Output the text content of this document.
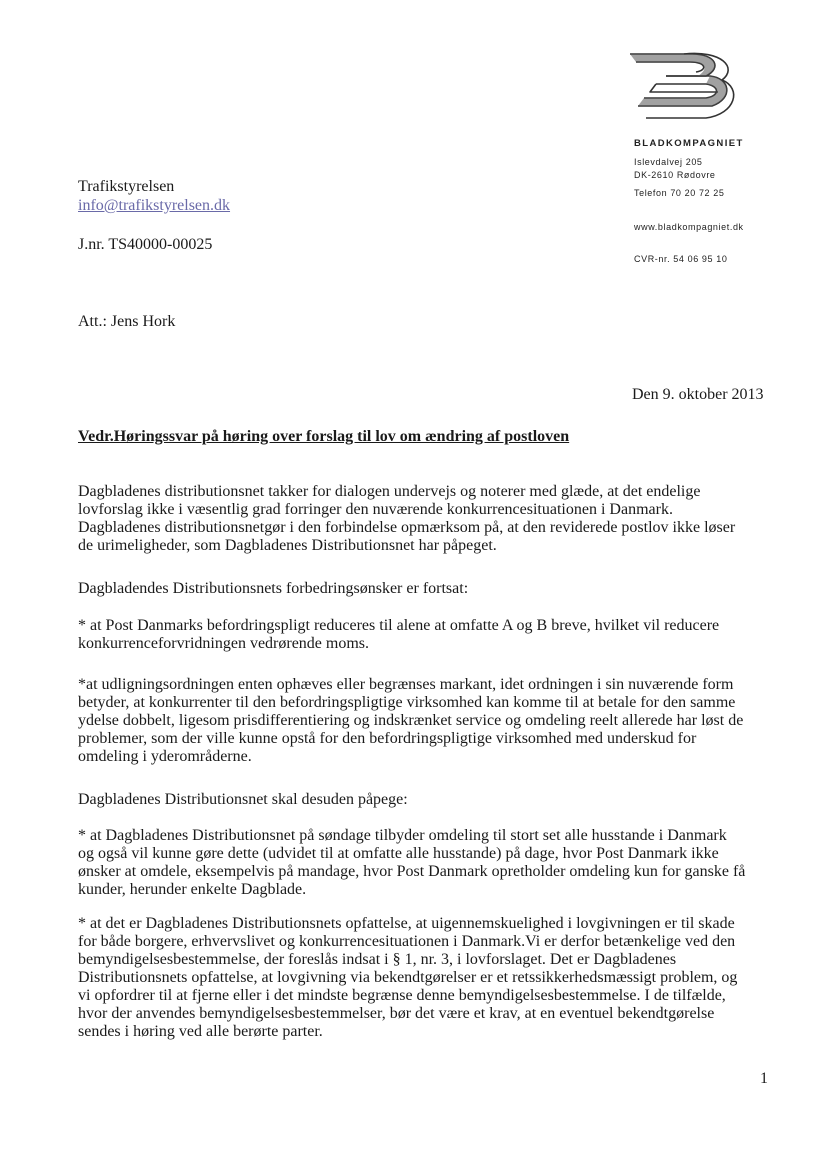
BLADKOMPAGNIET
Islevdalvej 205
DK-2610 Rødovre
Telefon 70 20 72 25
www.bladkompagniet.dk
CVR-nr. 54 06 95 10
Trafikstyrelsen
info@trafikstyrelsen.dk
J.nr. TS40000-00025
Att.: Jens Hork
Den 9. oktober 2013
Vedr.Høringssvar på høring over forslag til lov om ændring af postloven
Dagbladenes distributionsnet takker for dialogen undervejs og noterer med glæde, at det endelige
lovforslag ikke i væsentlig grad forringer den nuværende konkurrencesituationen i Danmark.
Dagbladenes distributionsnetgør i den forbindelse opmærksom på, at den reviderede postlov ikke løser
de urimeligheder, som Dagbladenes Distributionsnet har påpeget.
Dagbladendes Distributionsnets forbedringsønsker er fortsat:
* at Post Danmarks befordringspligt reduceres til alene at omfatte A og B breve, hvilket vil reducere
konkurrenceforvridningen vedrørende moms.
*at udligningsordningen enten ophæves eller begrænses markant, idet ordningen i sin nuværende form
betyder, at konkurrenter til den befordringspligtige virksomhed kan komme til at betale for den samme
ydelse dobbelt, ligesom prisdifferentiering og indskrænket service og omdeling reelt allerede har løst de
problemer, som der ville kunne opstå for den befordringspligtige virksomhed med underskud for
omdeling i yderområderne.
Dagbladenes Distributionsnet skal desuden påpege:
* at Dagbladenes Distributionsnet på søndage tilbyder omdeling til stort set alle husstande i Danmark
og også vil kunne gøre dette (udvidet til at omfatte alle husstande) på dage, hvor Post Danmark ikke
ønsker at omdele, eksempelvis på mandage, hvor Post Danmark opretholder omdeling kun for ganske få
kunder, herunder enkelte Dagblade.
* at det er Dagbladenes Distributionsnets opfattelse, at uigennemskuelighed i lovgivningen er til skade
for både borgere, erhvervslivet og konkurrencesituationen i Danmark.Vi er derfor betænkelige ved den
bemyndigelsesbestemmelse, der foreslås indsat i § 1, nr. 3, i lovforslaget. Det er Dagbladenes
Distributionsnets opfattelse, at lovgivning via bekendtgørelser er et retssikkerhedsmæssigt problem, og
vi opfordrer til at fjerne eller i det mindste begrænse denne bemyndigelsesbestemmelse. I de tilfælde,
hvor der anvendes bemyndigelsesbestemmelser, bør det være et krav, at en eventuel bekendtgørelse
sendes i høring ved alle berørte parter.
1
